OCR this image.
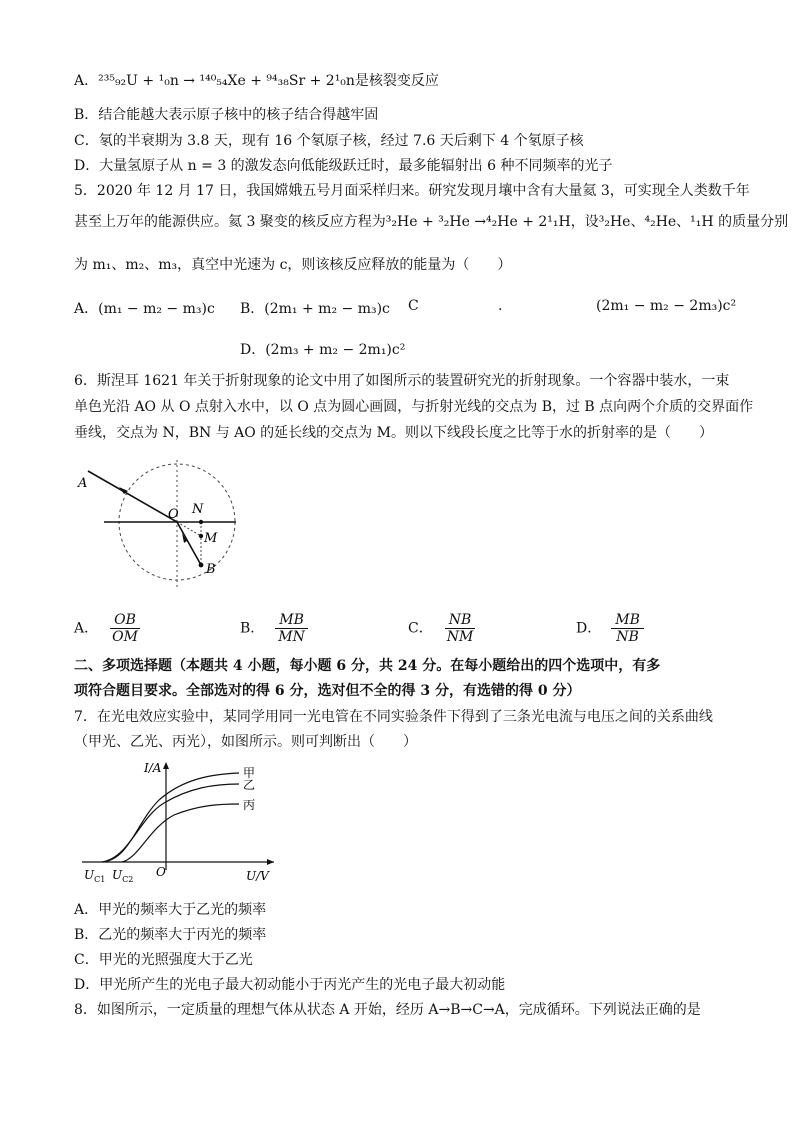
A．²³⁵₉₂U + ¹₀n → ¹⁴⁰₅₄Xe + ⁹⁴₃₈Sr + 2¹₀n是核裂变反应
B．结合能越大表示原子核中的核子结合得越牢固
C．氡的半衰期为 3.8 天，现有 16 个氡原子核，经过 7.6 天后剩下 4 个氡原子核
D．大量氢原子从 n = 3 的激发态向低能级跃迁时，最多能辐射出 6 种不同频率的光子
5．2020 年 12 月 17 日，我国嫦娥五号月面采样归来。研究发现月壤中含有大量氦 3，可实现全人类数千年
甚至上万年的能源供应。氦 3 聚变的核反应方程为³₂He + ³₂He →⁴₂He + 2¹₁H，设³₂He、⁴₂He、¹₁H 的质量分别
为 m₁、m₂、m₃，真空中光速为 c，则该核反应释放的能量为（　　）
A．(m₁ − m₂ − m₃)c B．(2m₁ + m₂ − m₃)c C	.	(2m₁ − m₂ − 2m₃)c²
D．(2m₃ + m₂ − 2m₁)c²
6．斯涅耳 1621 年关于折射现象的论文中用了如图所示的装置研究光的折射现象。一个容器中装水，一束
单色光沿 AO 从 O 点射入水中，以 O 点为圆心画圆，与折射光线的交点为 B，过 B 点向两个介质的交界面作
垂线，交点为 N，BN 与 AO 的延长线的交点为 M。则以下线段长度之比等于水的折射率的是（　　）
A
O N
M
B
A． $\frac{OB}{OM}$	B． $\frac{MB}{MN}$	C． $\frac{NB}{NM}$	D． $\frac{MB}{NB}$
二、多项选择题（本题共 4 小题，每小题 6 分，共 24 分。在每小题给出的四个选项中，有多
项符合题目要求。全部选对的得 6 分，选对但不全的得 3 分，有选错的得 0 分）
7．在光电效应实验中，某同学用同一光电管在不同实验条件下得到了三条光电流与电压之间的关系曲线
（甲光、乙光、丙光），如图所示。则可判断出（　　）
I/A
U/V
O
$U_{C1}$ $U_{C2}$
甲
乙
丙
A．甲光的频率大于乙光的频率
B．乙光的频率大于丙光的频率
C．甲光的光照强度大于乙光
D．甲光所产生的光电子最大初动能小于丙光产生的光电子最大初动能
8．如图所示，一定质量的理想气体从状态 A 开始，经历 A→B→C→A，完成循环。下列说法正确的是
